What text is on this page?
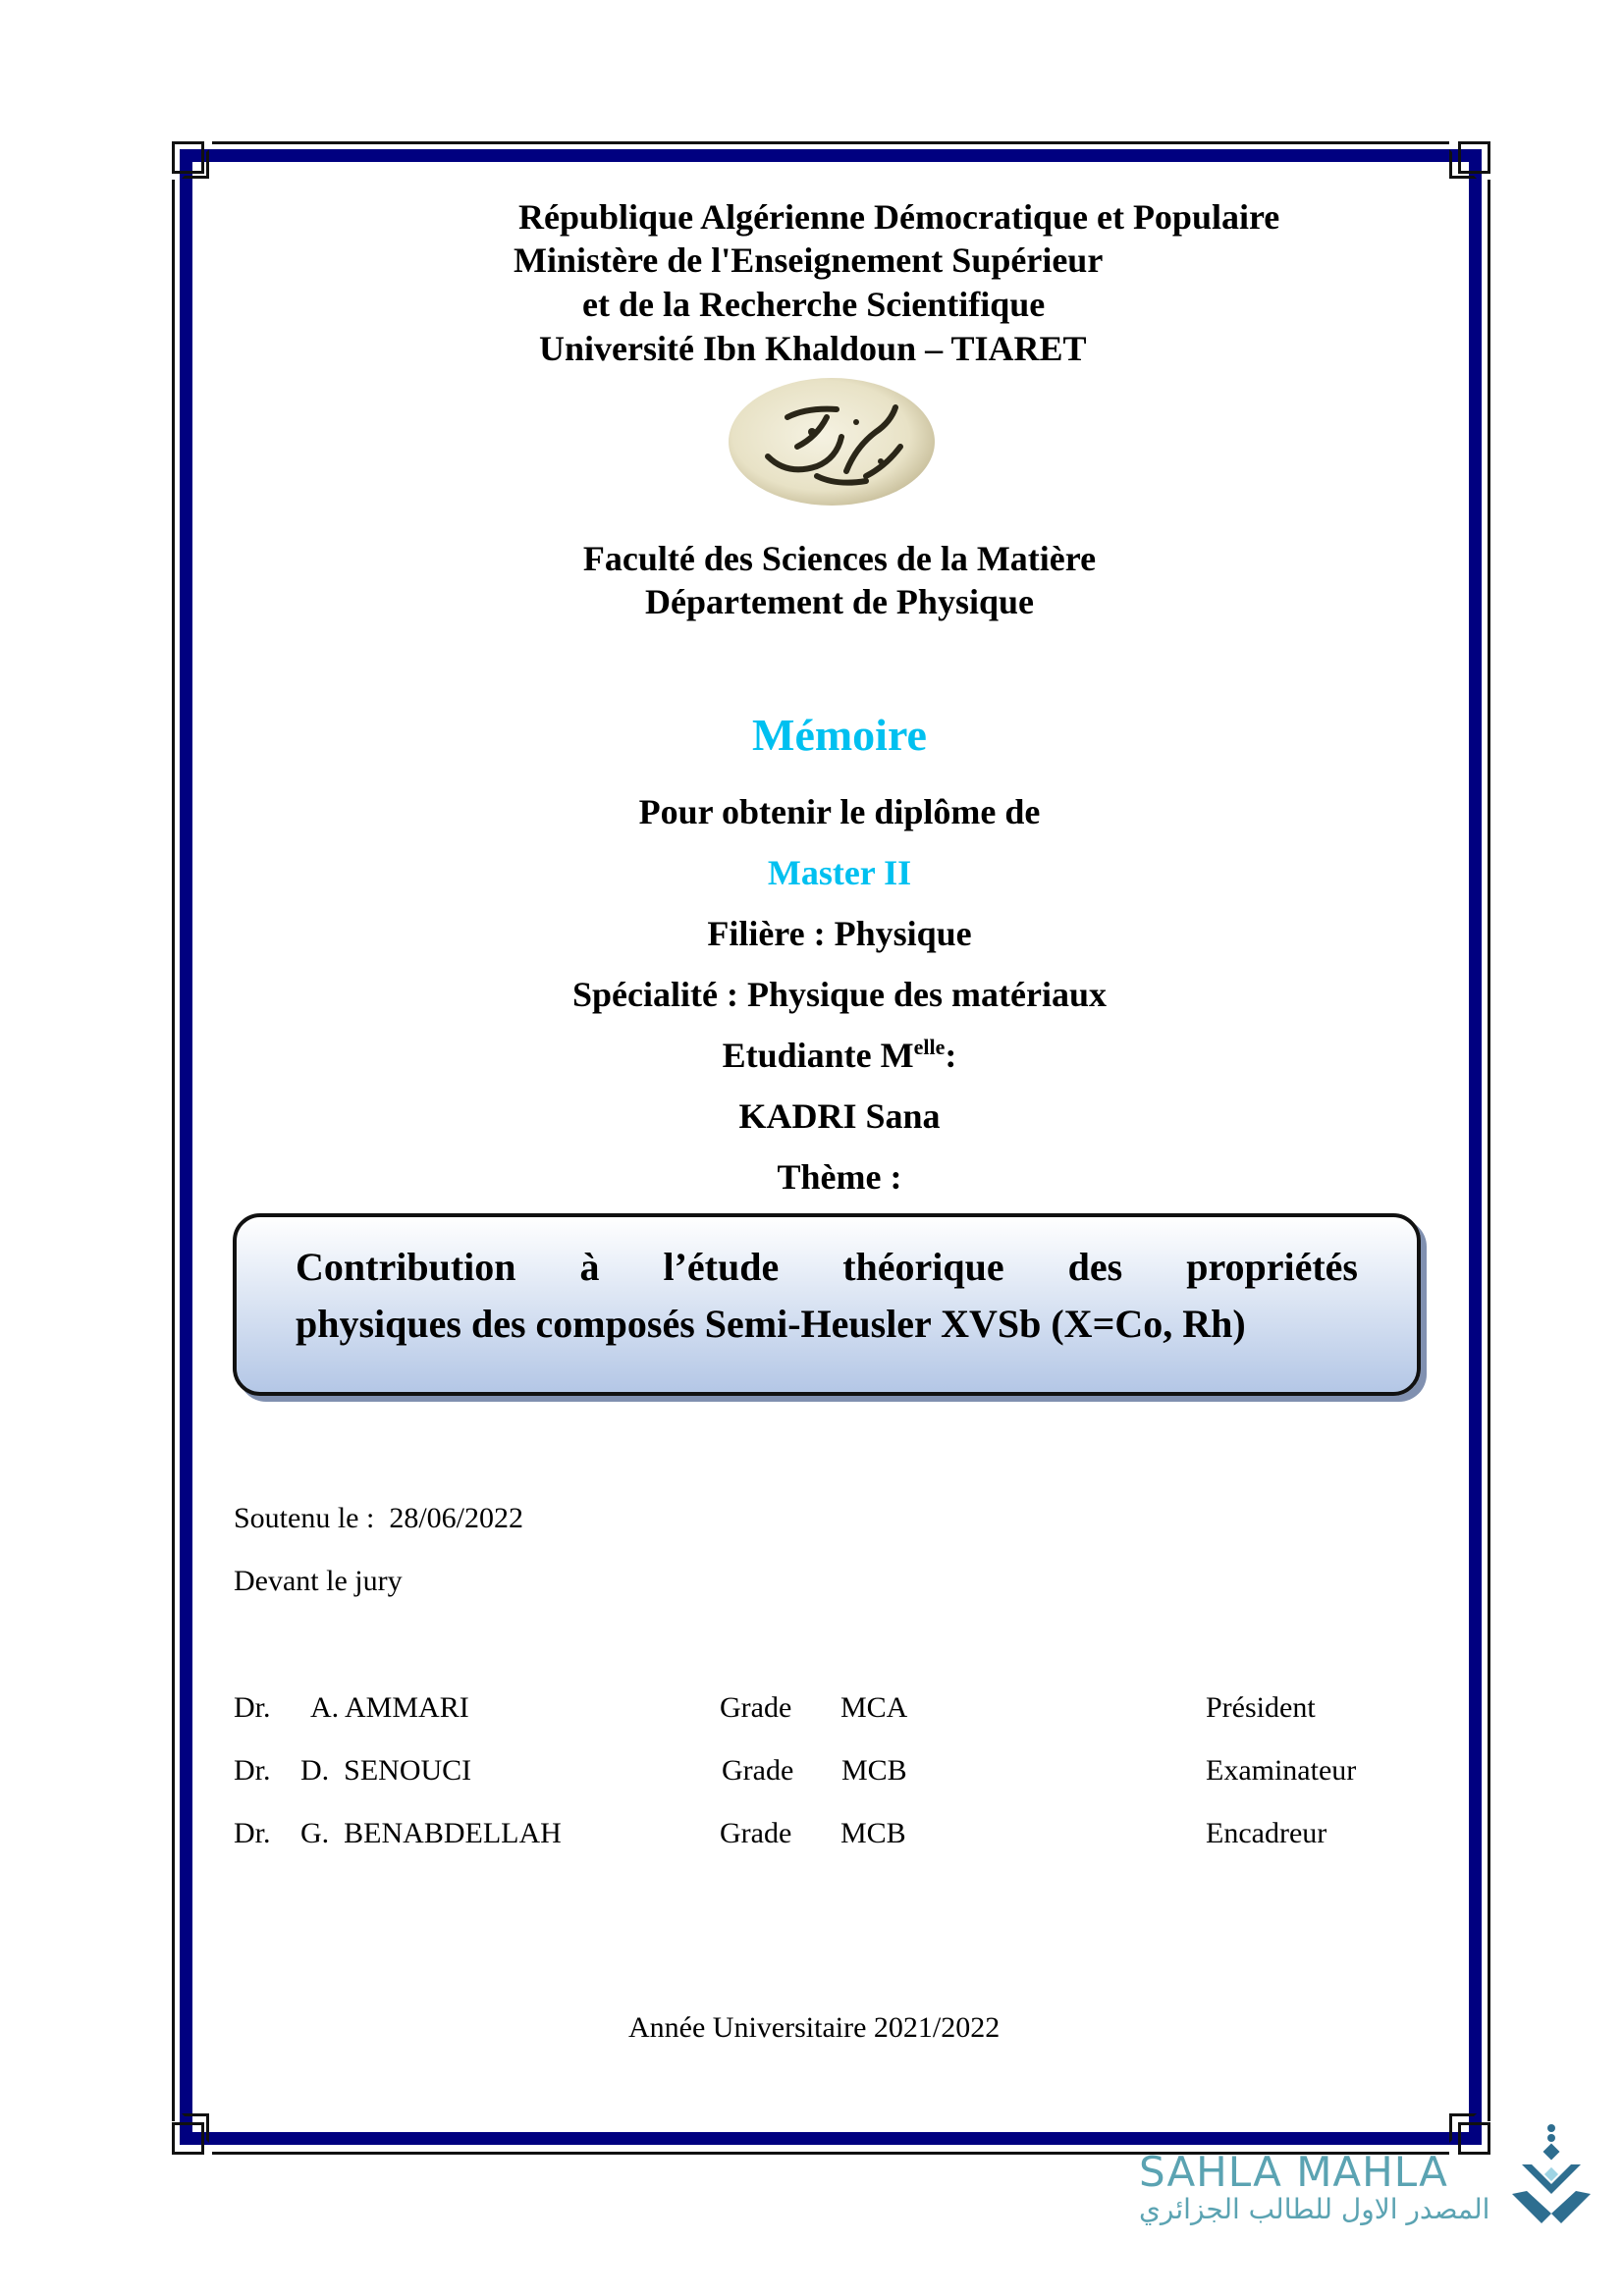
République Algérienne Démocratique et Populaire
Ministère de l'Enseignement Supérieur
et de la Recherche Scientifique
Université Ibn Khaldoun – TIARET
Faculté des Sciences de la Matière
Département de Physique
Mémoire
Pour obtenir le diplôme de
Master II
Filière : Physique
Spécialité : Physique des matériaux
Etudiante $M^{elle}$:
KADRI Sana
Thème :
Contribution à l’étude théorique des propriétés
physiques des composés Semi-Heusler XVSb (X=Co, Rh)
Soutenu le : 28/06/2022
Devant le jury
Dr. A. AMMARI	Grade MCA	Président
Dr. D.  SENOUCI	Grade MCB	Examinateur
Dr. G.  BENABDELLAH	Grade MCB	Encadreur
Année Universitaire 2021/2022
SAHLA MAHLA
المصدر الاول للطالب الجزائري
